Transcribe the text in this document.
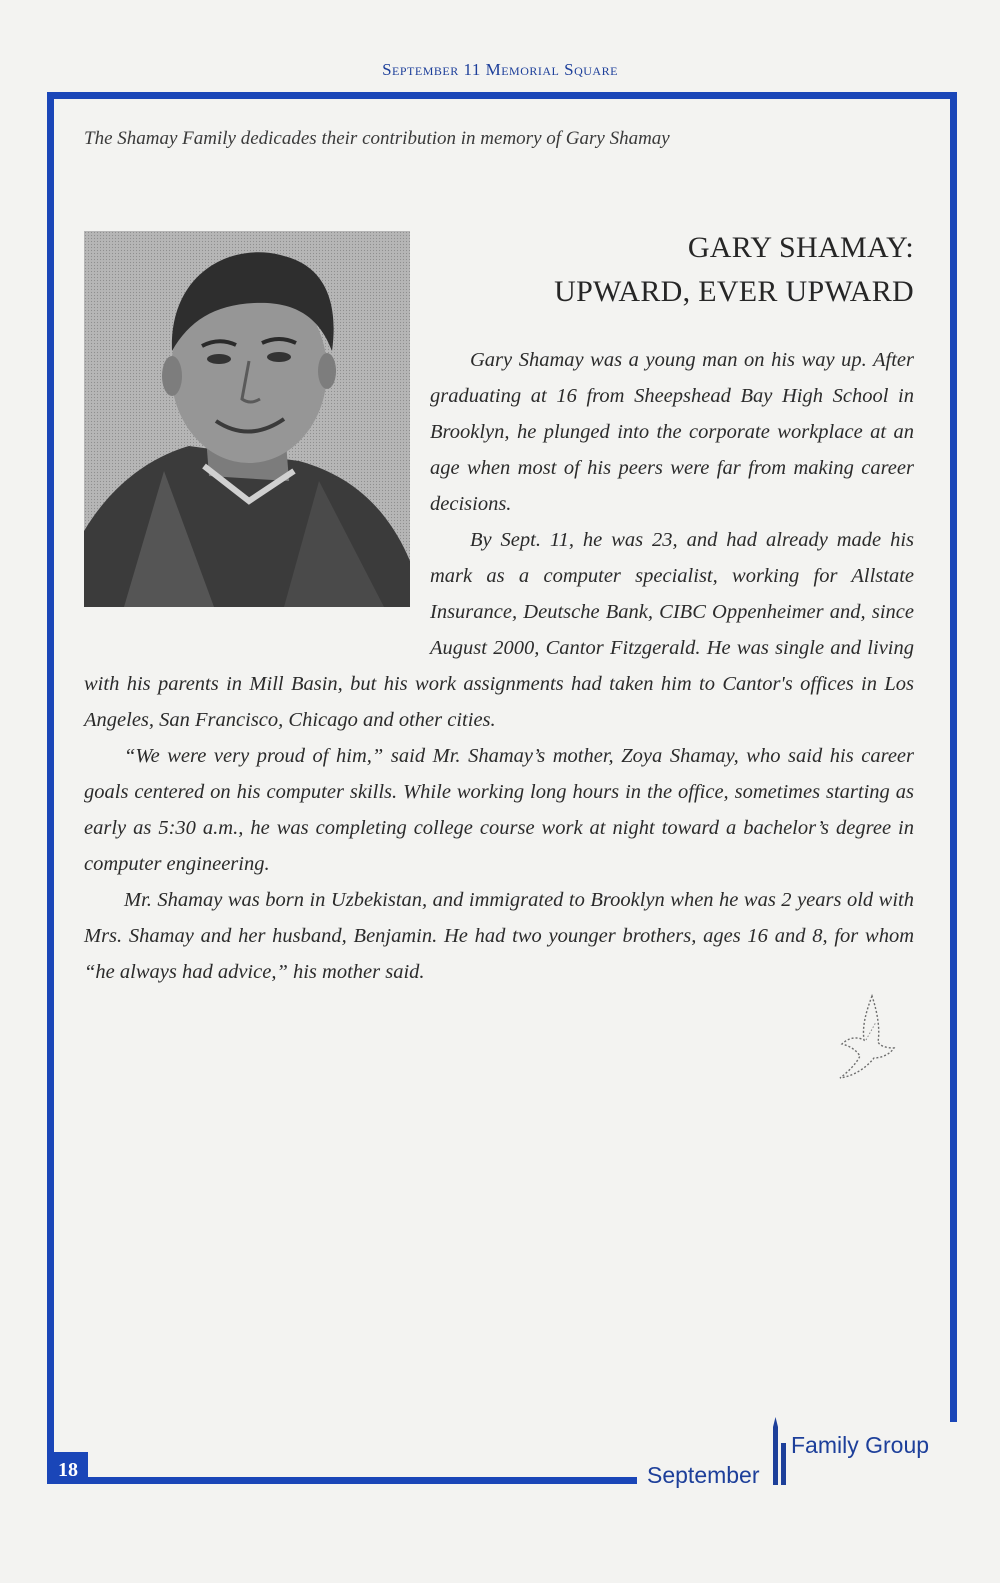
September 11 Memorial Square
The Shamay Family dedicades their contribution in memory of Gary Shamay
GARY SHAMAY:
UPWARD, EVER UPWARD

Gary Shamay was a young man on his way up. After graduating at 16 from Sheepshead Bay High School in Brooklyn, he plunged into the corporate workplace at an age when most of his peers were far from making career decisions.

By Sept. 11, he was 23, and had already made his mark as a computer specialist, working for Allstate Insurance, Deutsche Bank, CIBC Oppenheimer and, since August 2000, Cantor Fitzgerald. He was single and living with his parents in Mill Basin, but his work assignments had taken him to Cantor's offices in Los Angeles, San Francisco, Chicago and other cities.

“We were very proud of him,” said Mr. Shamay’s mother, Zoya Shamay, who said his career goals centered on his computer skills. While working long hours in the office, sometimes starting as early as 5:30 a.m., he was completing college course work at night toward a bachelor’s degree in computer engineering.

Mr. Shamay was born in Uzbekistan, and immigrated to Brooklyn when he was 2 years old with Mrs. Shamay and her husband, Benjamin. He had two younger brothers, ages 16 and 8, for whom “he always had advice,” his mother said.

18	September
Family Group
